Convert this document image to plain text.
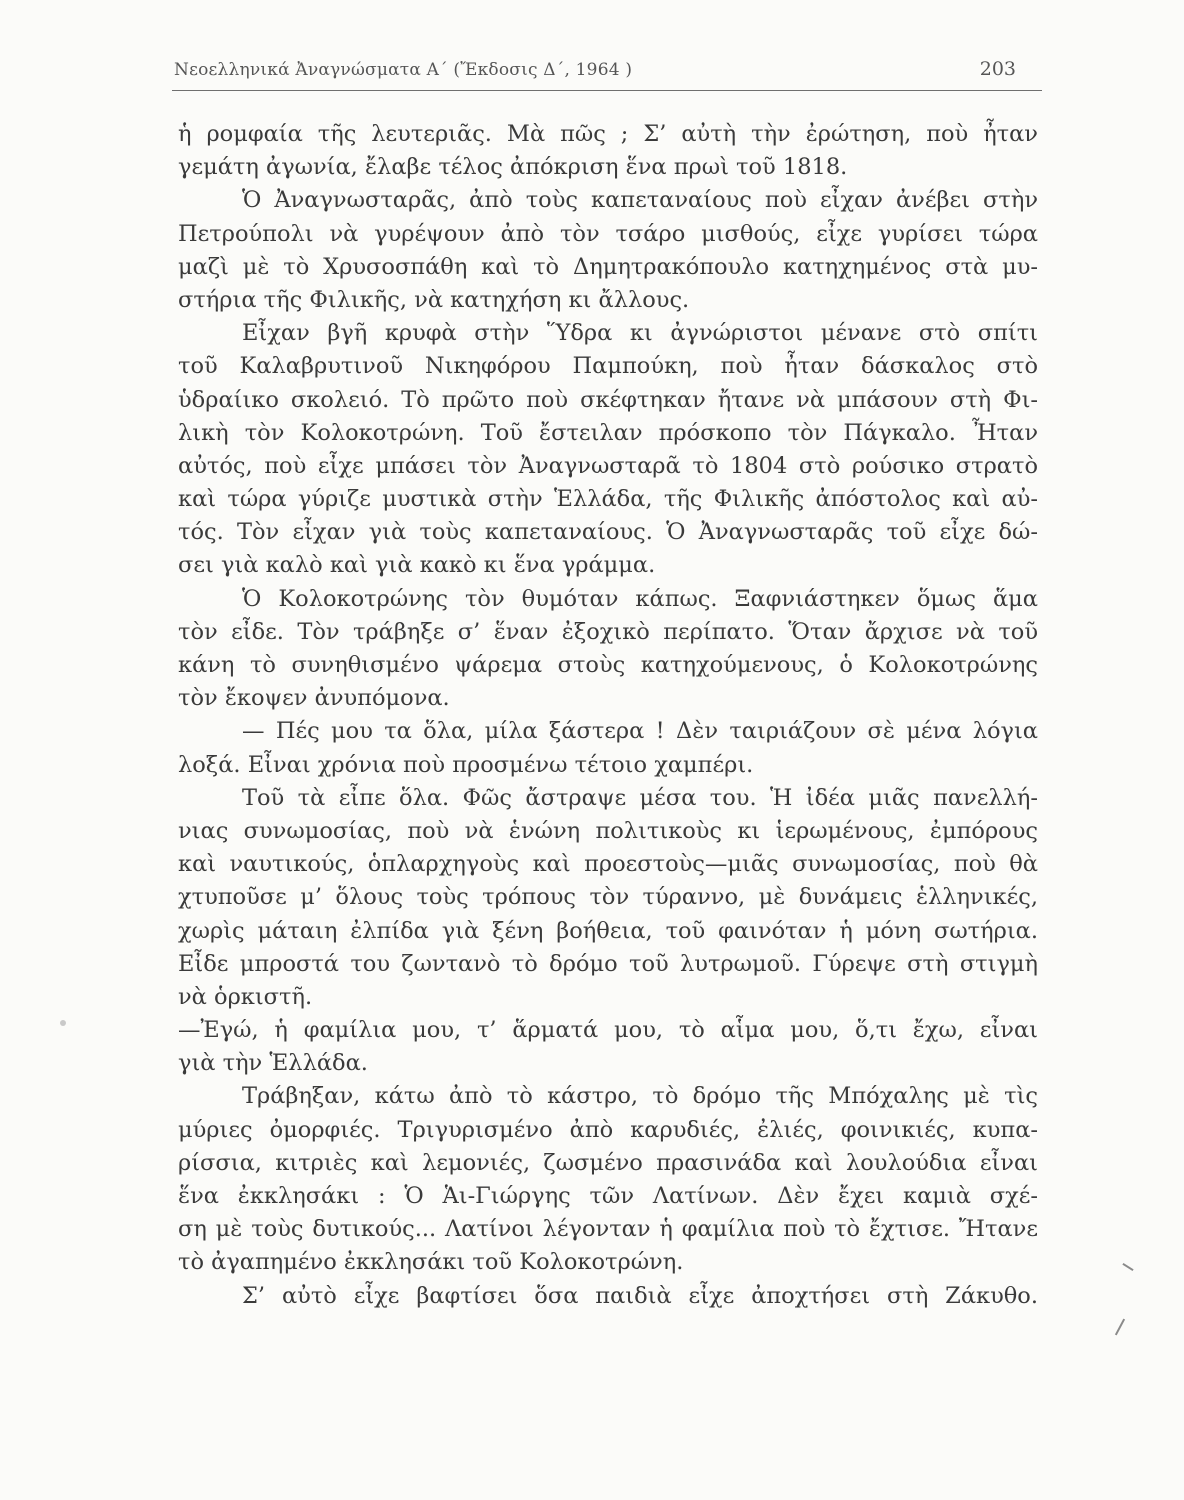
Νεοελληνικά Ἀναγνώσματα Α΄ (Ἔκδοσις Δ΄, 1964 )	203
ἡ ρομφαία τῆς λευτεριᾶς. Μὰ πῶς ; Σ’ αὐτὴ τὴν ἐρώτηση, ποὺ ἦταν
γεμάτη ἀγωνία, ἔλαβε τέλος ἀπόκριση ἕνα πρωὶ τοῦ 1818.
Ὁ Ἀναγνωσταρᾶς, ἀπὸ τοὺς καπεταναίους ποὺ εἶχαν ἀνέβει στὴν
Πετρούπολι νὰ γυρέψουν ἀπὸ τὸν τσάρο μισθούς, εἶχε γυρίσει τώρα
μαζὶ μὲ τὸ Χρυσοσπάθη καὶ τὸ Δημητρακόπουλο κατηχημένος στὰ μυ-
στήρια τῆς Φιλικῆς, νὰ κατηχήση κι ἄλλους.
Εἶχαν βγῆ κρυφὰ στὴν Ὕδρα κι ἀγνώριστοι μένανε στὸ σπίτι
τοῦ Καλαβρυτινοῦ Νικηφόρου Παμπούκη, ποὺ ἦταν δάσκαλος στὸ
ὑδραίικο σκολειό. Τὸ πρῶτο ποὺ σκέφτηκαν ἤτανε νὰ μπάσουν στὴ Φι-
λικὴ τὸν Κολοκοτρώνη. Τοῦ ἔστειλαν πρόσκοπο τὸν Πάγκαλο. Ἦταν
αὐτός, ποὺ εἶχε μπάσει τὸν Ἀναγνωσταρᾶ τὸ 1804 στὸ ρούσικο στρατὸ
καὶ τώρα γύριζε μυστικὰ στὴν Ἑλλάδα, τῆς Φιλικῆς ἀπόστολος καὶ αὐ-
τός. Τὸν εἶχαν γιὰ τοὺς καπεταναίους. Ὁ Ἀναγνωσταρᾶς τοῦ εἶχε δώ-
σει γιὰ καλὸ καὶ γιὰ κακὸ κι ἕνα γράμμα.
Ὁ Κολοκοτρώνης τὸν θυμόταν κάπως. Ξαφνιάστηκεν ὅμως ἅμα
τὸν εἶδε. Τὸν τράβηξε σ’ ἕναν ἐξοχικὸ περίπατο. Ὅταν ἄρχισε νὰ τοῦ
κάνη τὸ συνηθισμένο ψάρεμα στοὺς κατηχούμενους, ὁ Κολοκοτρώνης
τὸν ἔκοψεν ἀνυπόμονα.
— Πές μου τα ὅλα, μίλα ξάστερα ! Δὲν ταιριάζουν σὲ μένα λόγια
λοξά. Εἶναι χρόνια ποὺ προσμένω τέτοιο χαμπέρι.
Τοῦ τὰ εἶπε ὅλα. Φῶς ἄστραψε μέσα του. Ἡ ἰδέα μιᾶς πανελλή-
νιας συνωμοσίας, ποὺ νὰ ἑνώνη πολιτικοὺς κι ἱερωμένους, ἐμπόρους
καὶ ναυτικούς, ὁπλαρχηγοὺς καὶ προεστοὺς—μιᾶς συνωμοσίας, ποὺ θὰ
χτυποῦσε μ’ ὅλους τοὺς τρόπους τὸν τύραννο, μὲ δυνάμεις ἑλληνικές,
χωρὶς μάταιη ἐλπίδα γιὰ ξένη βοήθεια, τοῦ φαινόταν ἡ μόνη σωτήρια.
Εἶδε μπροστά του ζωντανὸ τὸ δρόμο τοῦ λυτρωμοῦ. Γύρεψε στὴ στιγμὴ
νὰ ὁρκιστῆ.
—Ἐγώ, ἡ φαμίλια μου, τ’ ἅρματά μου, τὸ αἷμα μου, ὅ,τι ἔχω, εἶναι
γιὰ τὴν Ἑλλάδα.
Τράβηξαν, κάτω ἀπὸ τὸ κάστρο, τὸ δρόμο τῆς Μπόχαλης μὲ τὶς
μύριες ὀμορφιές. Τριγυρισμένο ἀπὸ καρυδιές, ἐλιές, φοινικιές, κυπα-
ρίσσια, κιτριὲς καὶ λεμονιές, ζωσμένο πρασινάδα καὶ λουλούδια εἶναι
ἕνα ἐκκλησάκι : Ὁ Ἁι-Γιώργης τῶν Λατίνων. Δὲν ἔχει καμιὰ σχέ-
ση μὲ τοὺς δυτικούς... Λατίνοι λέγονταν ἡ φαμίλια ποὺ τὸ ἔχτισε. Ἤτανε
τὸ ἀγαπημένο ἐκκλησάκι τοῦ Κολοκοτρώνη.
Σ’ αὐτὸ εἶχε βαφτίσει ὅσα παιδιὰ εἶχε ἀποχτήσει στὴ Ζάκυθο.
